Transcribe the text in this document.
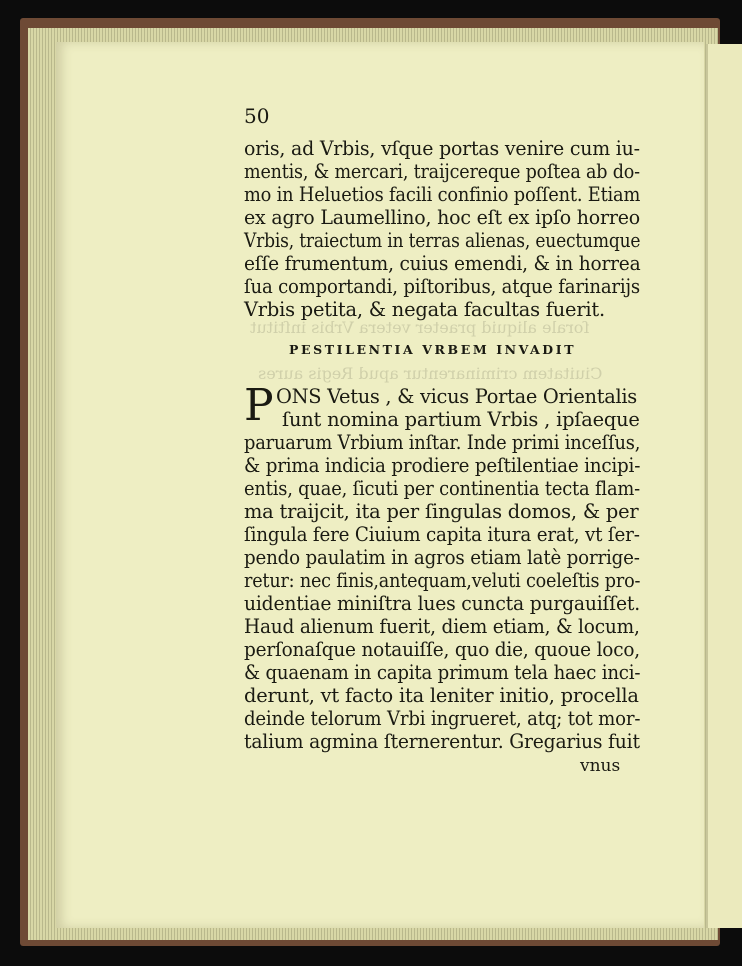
ſorale aliquid praeter vetera Vrbis inſtitut
Ciuitatem criminarentur apud Regis aures
50
oris, ad Vrbis, vſque portas venire cum iu-
mentis, & mercari, traijcereque poſtea ab do-
mo in Heluetios facili confinio poſſent. Etiam
ex agro Laumellino, hoc eſt ex ipſo horreo
Vrbis, traiectum in terras alienas, euectumque
eſſe frumentum, cuius emendi, & in horrea
ſua comportandi, piſtoribus, atque farinarijs
Vrbis petita, & negata facultas fuerit.
PESTILENTIA VRBEM INVADIT
P ONS Vetus , & vicus Portae Orientalis
ſunt nomina partium Vrbis , ipſaeque
paruarum Vrbium inſtar. Inde primi inceſſus,
& prima indicia prodiere peſtilentiae incipi-
entis, quae, ſicuti per continentia tecta flam-
ma traijcit, ita per ſingulas domos, & per
ſingula fere Ciuium capita itura erat, vt ſer-
pendo paulatim in agros etiam latè porrige-
retur: nec finis,antequam,veluti coeleſtis pro-
uidentiae miniſtra lues cuncta purgauiſſet.
Haud alienum fuerit, diem etiam, & locum,
perſonaſque notauiſſe, quo die, quoue loco,
& quaenam in capita primum tela haec inci-
derunt, vt facto ita leniter initio, procella
deinde telorum Vrbi ingrueret, atq; tot mor-
talium agmina ſternerentur. Gregarius fuit
vnus
